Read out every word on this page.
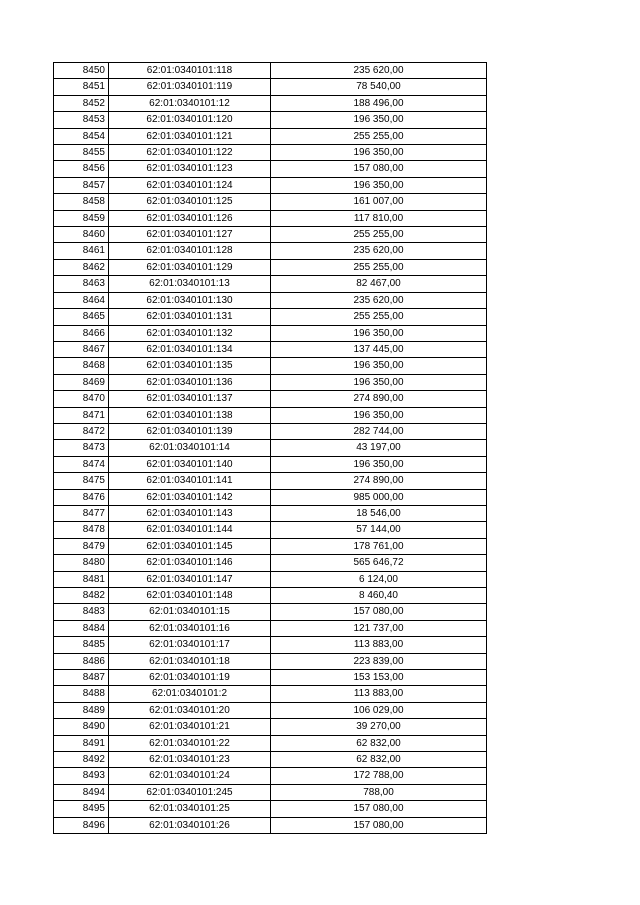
8450	62:01:0340101:118	235 620,00
8451	62:01:0340101:119	78 540,00
8452	62:01:0340101:12	188 496,00
8453	62:01:0340101:120	196 350,00
8454	62:01:0340101:121	255 255,00
8455	62:01:0340101:122	196 350,00
8456	62:01:0340101:123	157 080,00
8457	62:01:0340101:124	196 350,00
8458	62:01:0340101:125	161 007,00
8459	62:01:0340101:126	117 810,00
8460	62:01:0340101:127	255 255,00
8461	62:01:0340101:128	235 620,00
8462	62:01:0340101:129	255 255,00
8463	62:01:0340101:13	82 467,00
8464	62:01:0340101:130	235 620,00
8465	62:01:0340101:131	255 255,00
8466	62:01:0340101:132	196 350,00
8467	62:01:0340101:134	137 445,00
8468	62:01:0340101:135	196 350,00
8469	62:01:0340101:136	196 350,00
8470	62:01:0340101:137	274 890,00
8471	62:01:0340101:138	196 350,00
8472	62:01:0340101:139	282 744,00
8473	62:01:0340101:14	43 197,00
8474	62:01:0340101:140	196 350,00
8475	62:01:0340101:141	274 890,00
8476	62:01:0340101:142	985 000,00
8477	62:01:0340101:143	18 546,00
8478	62:01:0340101:144	57 144,00
8479	62:01:0340101:145	178 761,00
8480	62:01:0340101:146	565 646,72
8481	62:01:0340101:147	6 124,00
8482	62:01:0340101:148	8 460,40
8483	62:01:0340101:15	157 080,00
8484	62:01:0340101:16	121 737,00
8485	62:01:0340101:17	113 883,00
8486	62:01:0340101:18	223 839,00
8487	62:01:0340101:19	153 153,00
8488	62:01:0340101:2	113 883,00
8489	62:01:0340101:20	106 029,00
8490	62:01:0340101:21	39 270,00
8491	62:01:0340101:22	62 832,00
8492	62:01:0340101:23	62 832,00
8493	62:01:0340101:24	172 788,00
8494	62:01:0340101:245	788,00
8495	62:01:0340101:25	157 080,00
8496	62:01:0340101:26	157 080,00
